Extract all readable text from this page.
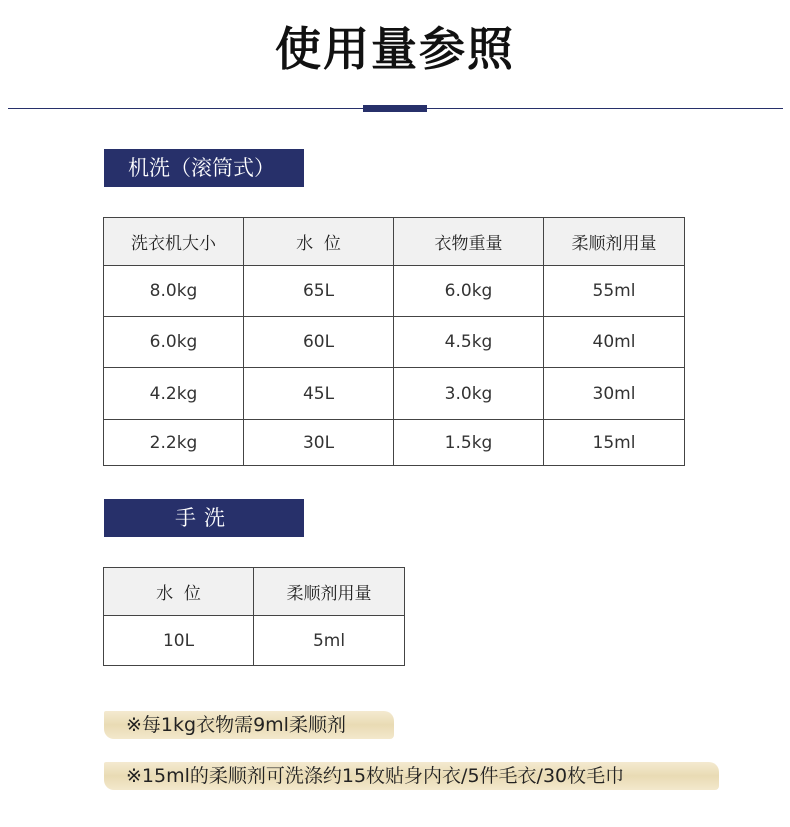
使用量参照
机洗（滚筒式）
洗衣机大小	水  位	衣物重量	柔顺剂用量
8.0kg	65L	6.0kg	55ml
6.0kg	60L	4.5kg	40ml
4.2kg	45L	3.0kg	30ml
2.2kg	30L	1.5kg	15ml
手洗
水  位	柔顺剂用量
10L	5ml
※每1kg衣物需9ml柔顺剂
※15ml的柔顺剂可洗涤约15枚贴身内衣/5件毛衣/30枚毛巾
